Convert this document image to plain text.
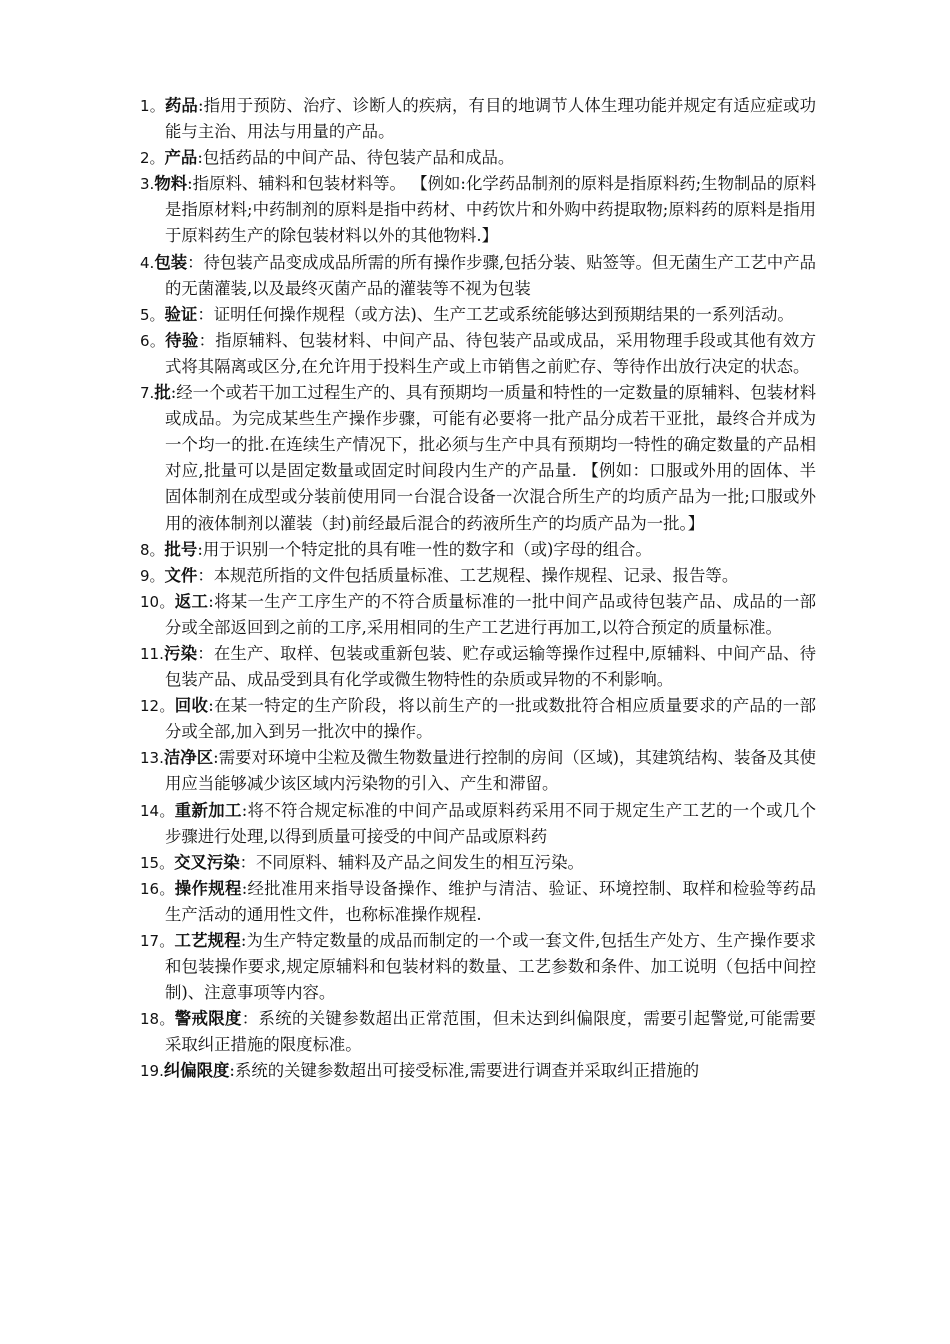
1。药品:指用于预防、治疗、诊断人的疾病，有目的地调节人体生理功能并规定有适应症或功能与主治、用法与用量的产品。

2。产品:包括药品的中间产品、待包装产品和成品。

3.物料:指原料、辅料和包装材料等。 【例如:化学药品制剂的原料是指原料药;生物制品的原料是指原材料;中药制剂的原料是指中药材、中药饮片和外购中药提取物;原料药的原料是指用于原料药生产的除包装材料以外的其他物料.】

4.包装：待包装产品变成成品所需的所有操作步骤,包括分装、贴签等。但无菌生产工艺中产品的无菌灌装,以及最终灭菌产品的灌装等不视为包装

5。验证：证明任何操作规程（或方法)、生产工艺或系统能够达到预期结果的一系列活动。

6。待验：指原辅料、包装材料、中间产品、待包装产品或成品，采用物理手段或其他有效方式将其隔离或区分,在允许用于投料生产或上市销售之前贮存、等待作出放行决定的状态。

7.批:经一个或若干加工过程生产的、具有预期均一质量和特性的一定数量的原辅料、包装材料或成品。为完成某些生产操作步骤，可能有必要将一批产品分成若干亚批，最终合并成为一个均一的批.在连续生产情况下，批必须与生产中具有预期均一特性的确定数量的产品相对应,批量可以是固定数量或固定时间段内生产的产品量. 【例如：口服或外用的固体、半固体制剂在成型或分装前使用同一台混合设备一次混合所生产的均质产品为一批;口服或外用的液体制剂以灌装（封)前经最后混合的药液所生产的均质产品为一批。】

8。批号:用于识别一个特定批的具有唯一性的数字和（或)字母的组合。

9。文件：本规范所指的文件包括质量标准、工艺规程、操作规程、记录、报告等。

10。返工:将某一生产工序生产的不符合质量标准的一批中间产品或待包装产品、成品的一部分或全部返回到之前的工序,采用相同的生产工艺进行再加工,以符合预定的质量标准。

11.污染：在生产、取样、包装或重新包装、贮存或运输等操作过程中,原辅料、中间产品、待包装产品、成品受到具有化学或微生物特性的杂质或异物的不利影响。

12。回收:在某一特定的生产阶段，将以前生产的一批或数批符合相应质量要求的产品的一部分或全部,加入到另一批次中的操作。

13.洁净区:需要对环境中尘粒及微生物数量进行控制的房间（区域)，其建筑结构、装备及其使用应当能够减少该区域内污染物的引入、产生和滞留。

14。重新加工:将不符合规定标准的中间产品或原料药采用不同于规定生产工艺的一个或几个步骤进行处理,以得到质量可接受的中间产品或原料药

15。交叉污染：不同原料、辅料及产品之间发生的相互污染。

16。操作规程:经批准用来指导设备操作、维护与清洁、验证、环境控制、取样和检验等药品生产活动的通用性文件，也称标准操作规程.

17。工艺规程:为生产特定数量的成品而制定的一个或一套文件,包括生产处方、生产操作要求和包装操作要求,规定原辅料和包装材料的数量、工艺参数和条件、加工说明（包括中间控制)、注意事项等内容。

18。警戒限度：系统的关键参数超出正常范围，但未达到纠偏限度，需要引起警觉,可能需要采取纠正措施的限度标准。

19.纠偏限度:系统的关键参数超出可接受标准,需要进行调查并采取纠正措施的
